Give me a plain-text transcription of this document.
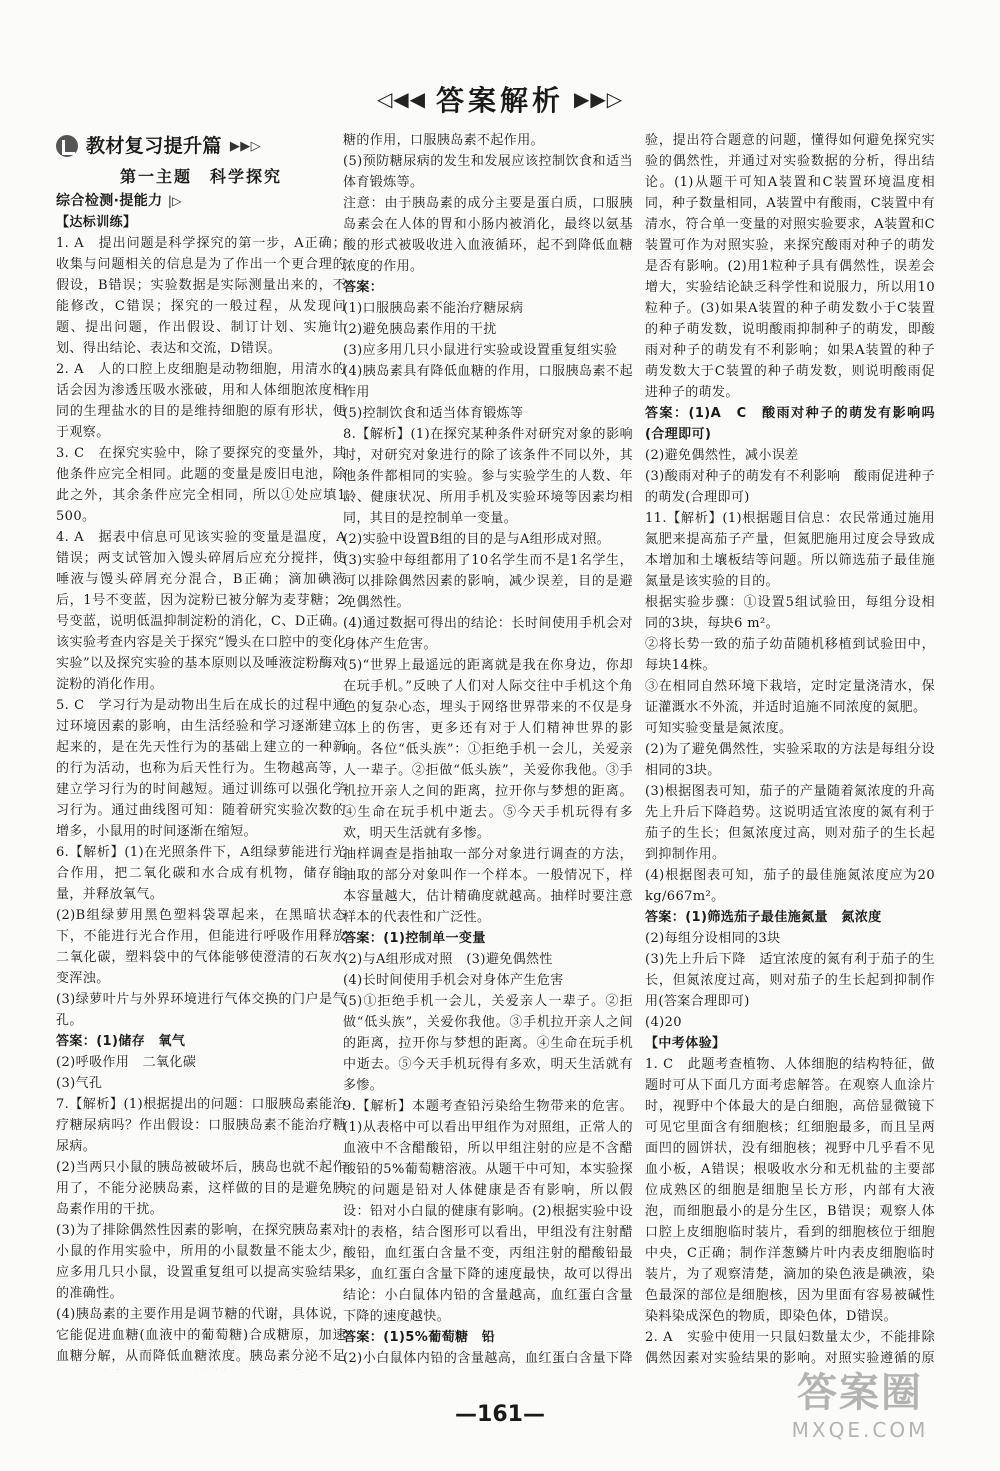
◁◀◀ 答案解析 ▶▶▷
教材复习提升篇 ▶▶▷
第一主题　科学探究
综合检测·提能力 |▷
【达标训练】

1. A　提出问题是科学探究的第一步，A正确；收集与问题相关的信息是为了作出一个更合理的假设，B错误；实验数据是实际测量出来的，不能修改，C错误；探究的一般过程，从发现问题、提出问题，作出假设、制订计划、实施计划、得出结论、表达和交流，D错误。

2. A　人的口腔上皮细胞是动物细胞，用清水的话会因为渗透压吸水涨破，用和人体细胞浓度相同的生理盐水的目的是维持细胞的原有形状，便于观察。

3. C　在探究实验中，除了要探究的变量外，其他条件应完全相同。此题的变量是废旧电池，除此之外，其余条件应完全相同，所以①处应填1 500。

4. A　据表中信息可见该实验的变量是温度，A错误；两支试管加入馒头碎屑后应充分搅拌，使唾液与馒头碎屑充分混合，B正确；滴加碘液后，1号不变蓝，因为淀粉已被分解为麦芽糖；2号变蓝，说明低温抑制淀粉的消化，C、D正确。该实验考查内容是关于探究“馒头在口腔中的变化实验”以及探究实验的基本原则以及唾液淀粉酶对淀粉的消化作用。

5. C　学习行为是动物出生后在成长的过程中通过环境因素的影响，由生活经验和学习逐渐建立起来的，是在先天性行为的基础上建立的一种新的行为活动，也称为后天性行为。生物越高等，建立学习行为的时间越短。通过训练可以强化学习行为。通过曲线图可知：随着研究实验次数的增多，小鼠用的时间逐渐在缩短。

6.【解析】(1)在光照条件下，A组绿萝能进行光合作用，把二氧化碳和水合成有机物，储存能量，并释放氧气。

(2)B组绿萝用黑色塑料袋罩起来，在黑暗状态下，不能进行光合作用，但能进行呼吸作用释放二氧化碳，塑料袋中的气体能够使澄清的石灰水变浑浊。

(3)绿萝叶片与外界环境进行气体交换的门户是气孔。

答案：(1)储存　氧气

(2)呼吸作用　二氧化碳

(3)气孔

7.【解析】(1)根据提出的问题：口服胰岛素能治疗糖尿病吗？作出假设：口服胰岛素不能治疗糖尿病。

(2)当两只小鼠的胰岛被破坏后，胰岛也就不起作用了，不能分泌胰岛素，这样做的目的是避免胰岛素作用的干扰。

(3)为了排除偶然性因素的影响，在探究胰岛素对小鼠的作用实验中，所用的小鼠数量不能太少，应多用几只小鼠，设置重复组可以提高实验结果的准确性。

(4)胰岛素的主要作用是调节糖的代谢，具体说，它能促进血糖(血液中的葡萄糖)合成糖原，加速血糖分解，从而降低血糖浓度。胰岛素分泌不足

糖的作用，口服胰岛素不起作用。

(5)预防糖尿病的发生和发展应该控制饮食和适当体育锻炼等。

注意：由于胰岛素的成分主要是蛋白质，口服胰岛素会在人体的胃和小肠内被消化，最终以氨基酸的形式被吸收进入血液循环，起不到降低血糖浓度的作用。

答案：

(1)口服胰岛素不能治疗糖尿病

(2)避免胰岛素作用的干扰

(3)应多用几只小鼠进行实验或设置重复组实验

(4)胰岛素具有降低血糖的作用，口服胰岛素不起作用

(5)控制饮食和适当体育锻炼等

8.【解析】(1)在探究某种条件对研究对象的影响时，对研究对象进行的除了该条件不同以外，其他条件都相同的实验。参与实验学生的人数、年龄、健康状况、所用手机及实验环境等因素均相同，其目的是控制单一变量。

(2)实验中设置B组的目的是与A组形成对照。

(3)实验中每组都用了10名学生而不是1名学生，可以排除偶然因素的影响，减少误差，目的是避免偶然性。

(4)通过数据可得出的结论：长时间使用手机会对身体产生危害。

(5)“世界上最遥远的距离就是我在你身边，你却在玩手机。”反映了人们对人际交往中手机这个角色的复杂心态，埋头于网络世界带来的不仅是身体上的伤害，更多还有对于人们精神世界的影响。各位“低头族”：①拒绝手机一会儿，关爱亲人一辈子。②拒做“低头族”，关爱你我他。③手机拉开亲人之间的距离，拉开你与梦想的距离。④生命在玩手机中逝去。⑤今天手机玩得有多欢，明天生活就有多惨。

抽样调查是指抽取一部分对象进行调查的方法，抽取的部分对象叫作一个样本。一般情况下，样本容量越大，估计精确度就越高。抽样时要注意样本的代表性和广泛性。

答案：(1)控制单一变量

(2)与A组形成对照　(3)避免偶然性

(4)长时间使用手机会对身体产生危害

(5)①拒绝手机一会儿，关爱亲人一辈子。②拒做“低头族”，关爱你我他。③手机拉开亲人之间的距离，拉开你与梦想的距离。④生命在玩手机中逝去。⑤今天手机玩得有多欢，明天生活就有多惨。

9.【解析】本题考查铅污染给生物带来的危害。(1)从表格中可以看出甲组作为对照组，正常人的血液中不含醋酸铅，所以甲组注射的应是不含醋酸铅的5%葡萄糖溶液。从题干中可知，本实验探究的问题是铅对人体健康是否有影响，所以假设：铅对小白鼠的健康有影响。(2)根据实验中设计的表格，结合图形可以看出，甲组没有注射醋酸铅，血红蛋白含量不变，丙组注射的醋酸铅最多，血红蛋白含量下降的速度最快，故可以得出结论：小白鼠体内铅的含量越高，血红蛋白含量下降的速度越快。

答案：(1)5%葡萄糖　铅

(2)小白鼠体内铅的含量越高，血红蛋白含量下降

验，提出符合题意的问题，懂得如何避免探究实验的偶然性，并通过对实验数据的分析，得出结论。(1)从题干可知A装置和C装置环境温度相同，种子数量相同，A装置中有酸雨，C装置中有清水，符合单一变量的对照实验要求，A装置和C装置可作为对照实验，来探究酸雨对种子的萌发是否有影响。(2)用1粒种子具有偶然性，误差会增大，实验结论缺乏科学性和说服力，所以用10粒种子。(3)如果A装置的种子萌发数小于C装置的种子萌发数，说明酸雨抑制种子的萌发，即酸雨对种子的萌发有不利影响；如果A装置的种子萌发数大于C装置的种子萌发数，则说明酸雨促进种子的萌发。

答案：(1)A　C　酸雨对种子的萌发有影响吗(合理即可)

(2)避免偶然性，减小误差

(3)酸雨对种子的萌发有不利影响　酸雨促进种子的萌发(合理即可)

11.【解析】(1)根据题目信息：农民常通过施用氮肥来提高茄子产量，但氮肥施用过度会导致成本增加和土壤板结等问题。所以筛选茄子最佳施氮量是该实验的目的。

根据实验步骤：①设置5组试验田，每组分设相同的3块，每块6 m²。

②将长势一致的茄子幼苗随机移植到试验田中，每块14株。

③在相同自然环境下栽培，定时定量浇清水，保证灌溉水不外流，并适时追施不同浓度的氮肥。

可知实验变量是氮浓度。

(2)为了避免偶然性，实验采取的方法是每组分设相同的3块。

(3)根据图表可知，茄子的产量随着氮浓度的升高先上升后下降趋势。这说明适宜浓度的氮有利于茄子的生长；但氮浓度过高，则对茄子的生长起到抑制作用。

(4)根据图表可知，茄子的最佳施氮浓度应为20 kg/667m²。

答案：(1)筛选茄子最佳施氮量　氮浓度

(2)每组分设相同的3块

(3)先上升后下降　适宜浓度的氮有利于茄子的生长，但氮浓度过高，则对茄子的生长起到抑制作用(答案合理即可)

(4)20

【中考体验】

1. C　此题考查植物、人体细胞的结构特征，做题时可从下面几方面考虑解答。在观察人血涂片时，视野中个体最大的是白细胞，高倍显微镜下可见它里面含有细胞核；红细胞最多，而且呈两面凹的圆饼状，没有细胞核；视野中几乎看不见血小板，A错误；根吸收水分和无机盐的主要部位成熟区的细胞是细胞呈长方形，内部有大液泡，而细胞最小的是分生区，B错误；观察人体口腔上皮细胞临时装片，看到的细胞核位于细胞中央，C正确；制作洋葱鳞片叶内表皮细胞临时装片，为了观察清楚，滴加的染色液是碘液，染色最深的部位是细胞核，因为里面有容易被碱性染料染成深色的物质，即染色体，D错误。

2. A　实验中使用一只鼠妇数量太少，不能排除偶然因素对实验结果的影响。对照实验遵循的原

—161—	答案圈
MXQE.COM
